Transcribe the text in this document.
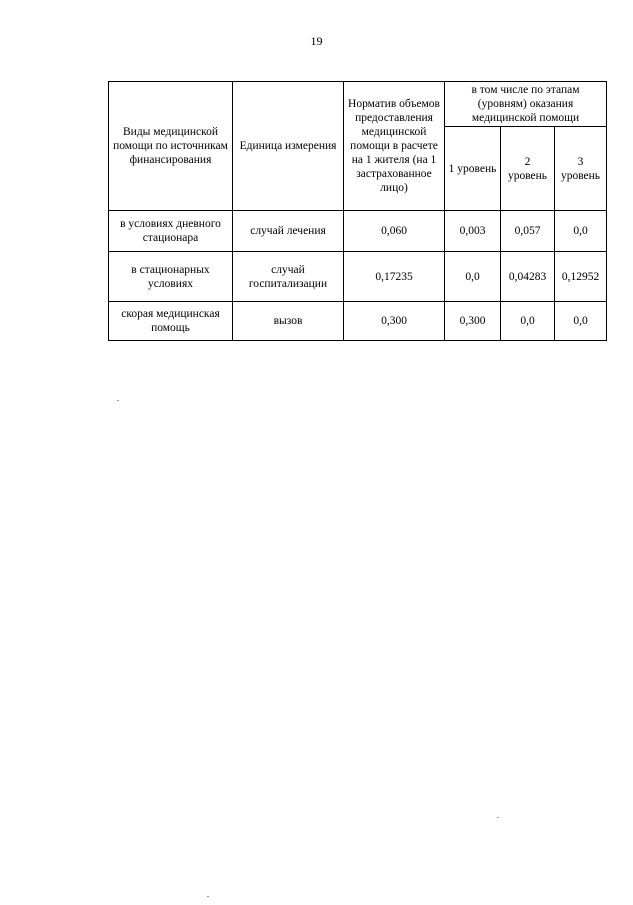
19
Виды медицинской помощи по источникам финансирования	Единица измерения	Норматив объемов предоставления медицинской помощи в расчете на 1 жителя (на 1 застрахованное лицо)	в том числе по этапам (уровням) оказания медицинской помощи		
			1 уровень	2 уровень	3 уровень
в условиях дневного стационара	случай лечения	0,060	0,003	0,057	0,0
в стационарных условиях	случай госпитализации	0,17235	0,0	0,04283	0,12952
скорая медицинская помощь	вызов	0,300	0,300	0,0	0,0
